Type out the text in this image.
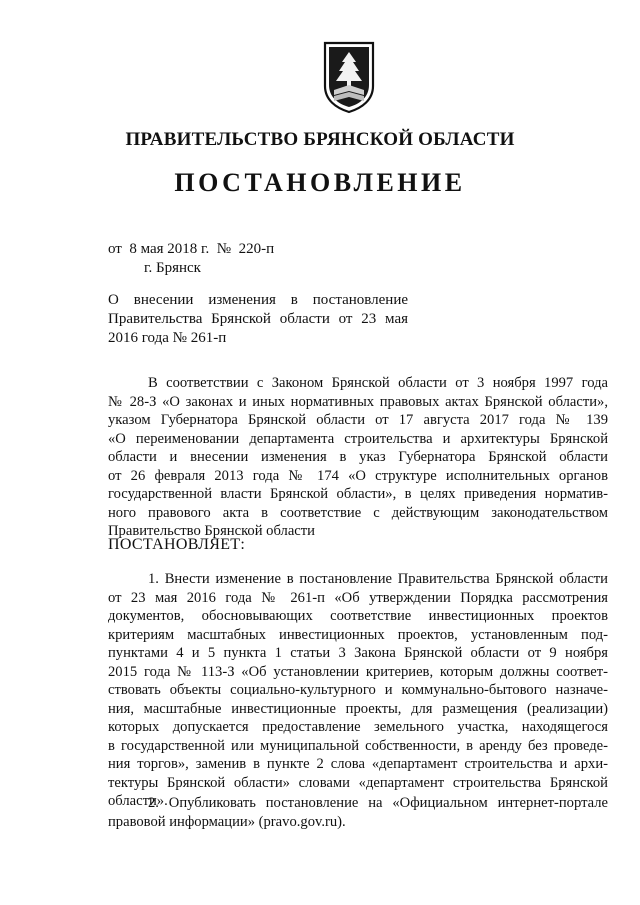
ПРАВИТЕЛЬСТВО БРЯНСКОЙ ОБЛАСТИ
ПОСТАНОВЛЕНИЕ
от  8 мая 2018 г.  №  220-п
г. Брянск
О внесении изменения в постановление
Правительства Брянской области от 23 мая
2016 года № 261-п
В соответствии с Законом Брянской области от 3 ноября 1997 года
№ 28-З «О законах и иных нормативных правовых актах Брянской области»,
указом Губернатора Брянской области от 17 августа 2017 года № 139
«О переименовании департамента строительства и архитектуры Брянской
области и внесении изменения в указ Губернатора Брянской области
от 26 февраля 2013 года № 174 «О структуре исполнительных органов
государственной власти Брянской области», в целях приведения норматив-
ного правового акта в соответствие с действующим законодательством
Правительство Брянской области
ПОСТАНОВЛЯЕТ:
1. Внести изменение в постановление Правительства Брянской области
от 23 мая 2016 года № 261-п «Об утверждении Порядка рассмотрения
документов, обосновывающих соответствие инвестиционных проектов
критериям масштабных инвестиционных проектов, установленным под-
пунктами 4 и 5 пункта 1 статьи 3 Закона Брянской области от 9 ноября
2015 года № 113-З «Об установлении критериев, которым должны соответ-
ствовать объекты социально-культурного и коммунально-бытового назначе-
ния, масштабные инвестиционные проекты, для размещения (реализации)
которых допускается предоставление земельного участка, находящегося
в государственной или муниципальной собственности, в аренду без проведе-
ния торгов», заменив в пункте 2 слова «департамент строительства и архи-
тектуры Брянской области» словами «департамент строительства Брянской
области».
2. Опубликовать постановление на «Официальном интернет-портале
правовой информации» (pravo.gov.ru).
